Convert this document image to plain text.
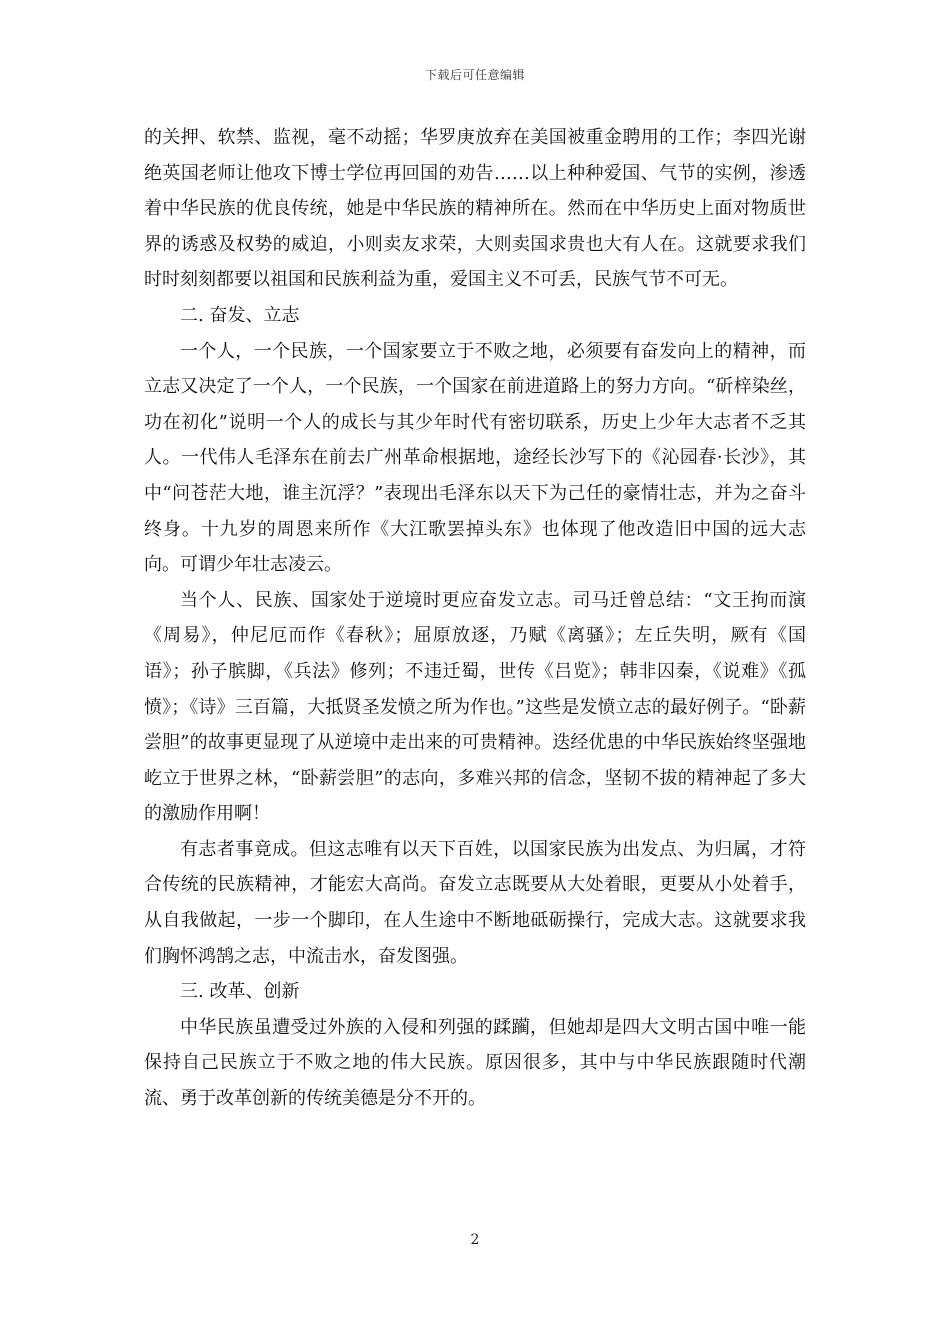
下载后可任意编辑

的关押、软禁、监视，毫不动摇；华罗庚放弃在美国被重金聘用的工作；李四光谢绝英国老师让他攻下博士学位再回国的劝告……以上种种爱国、气节的实例，渗透着中华民族的优良传统，她是中华民族的精神所在。然而在中华历史上面对物质世界的诱惑及权势的威迫，小则卖友求荣，大则卖国求贵也大有人在。这就要求我们时时刻刻都要以祖国和民族利益为重，爱国主义不可丢，民族气节不可无。

二. 奋发、立志

一个人，一个民族，一个国家要立于不败之地，必须要有奋发向上的精神，而立志又决定了一个人，一个民族，一个国家在前进道路上的努力方向。“斫梓染丝，功在初化”说明一个人的成长与其少年时代有密切联系，历史上少年大志者不乏其人。一代伟人毛泽东在前去广州革命根据地，途经长沙写下的《沁园春·长沙》，其中“问苍茫大地，谁主沉浮？”表现出毛泽东以天下为己任的豪情壮志，并为之奋斗终身。十九岁的周恩来所作《大江歌罢掉头东》也体现了他改造旧中国的远大志向。可谓少年壮志凌云。

当个人、民族、国家处于逆境时更应奋发立志。司马迁曾总结：“文王拘而演《周易》，仲尼厄而作《春秋》；屈原放逐，乃赋《离骚》；左丘失明，厥有《国语》；孙子膑脚，《兵法》修列；不违迁蜀，世传《吕览》；韩非囚秦，《说难》《孤愤》；《诗》三百篇，大抵贤圣发愤之所为作也。”这些是发愤立志的最好例子。“卧薪尝胆”的故事更显现了从逆境中走出来的可贵精神。迭经优患的中华民族始终坚强地屹立于世界之林，“卧薪尝胆”的志向，多难兴邦的信念，坚韧不拔的精神起了多大的激励作用啊！

有志者事竟成。但这志唯有以天下百姓，以国家民族为出发点、为归属，才符合传统的民族精神，才能宏大高尚。奋发立志既要从大处着眼，更要从小处着手，从自我做起，一步一个脚印，在人生途中不断地砥砺操行，完成大志。这就要求我们胸怀鸿鹄之志，中流击水，奋发图强。

三. 改革、创新

中华民族虽遭受过外族的入侵和列强的蹂躏，但她却是四大文明古国中唯一能保持自己民族立于不败之地的伟大民族。原因很多，其中与中华民族跟随时代潮流、勇于改革创新的传统美德是分不开的。

2
